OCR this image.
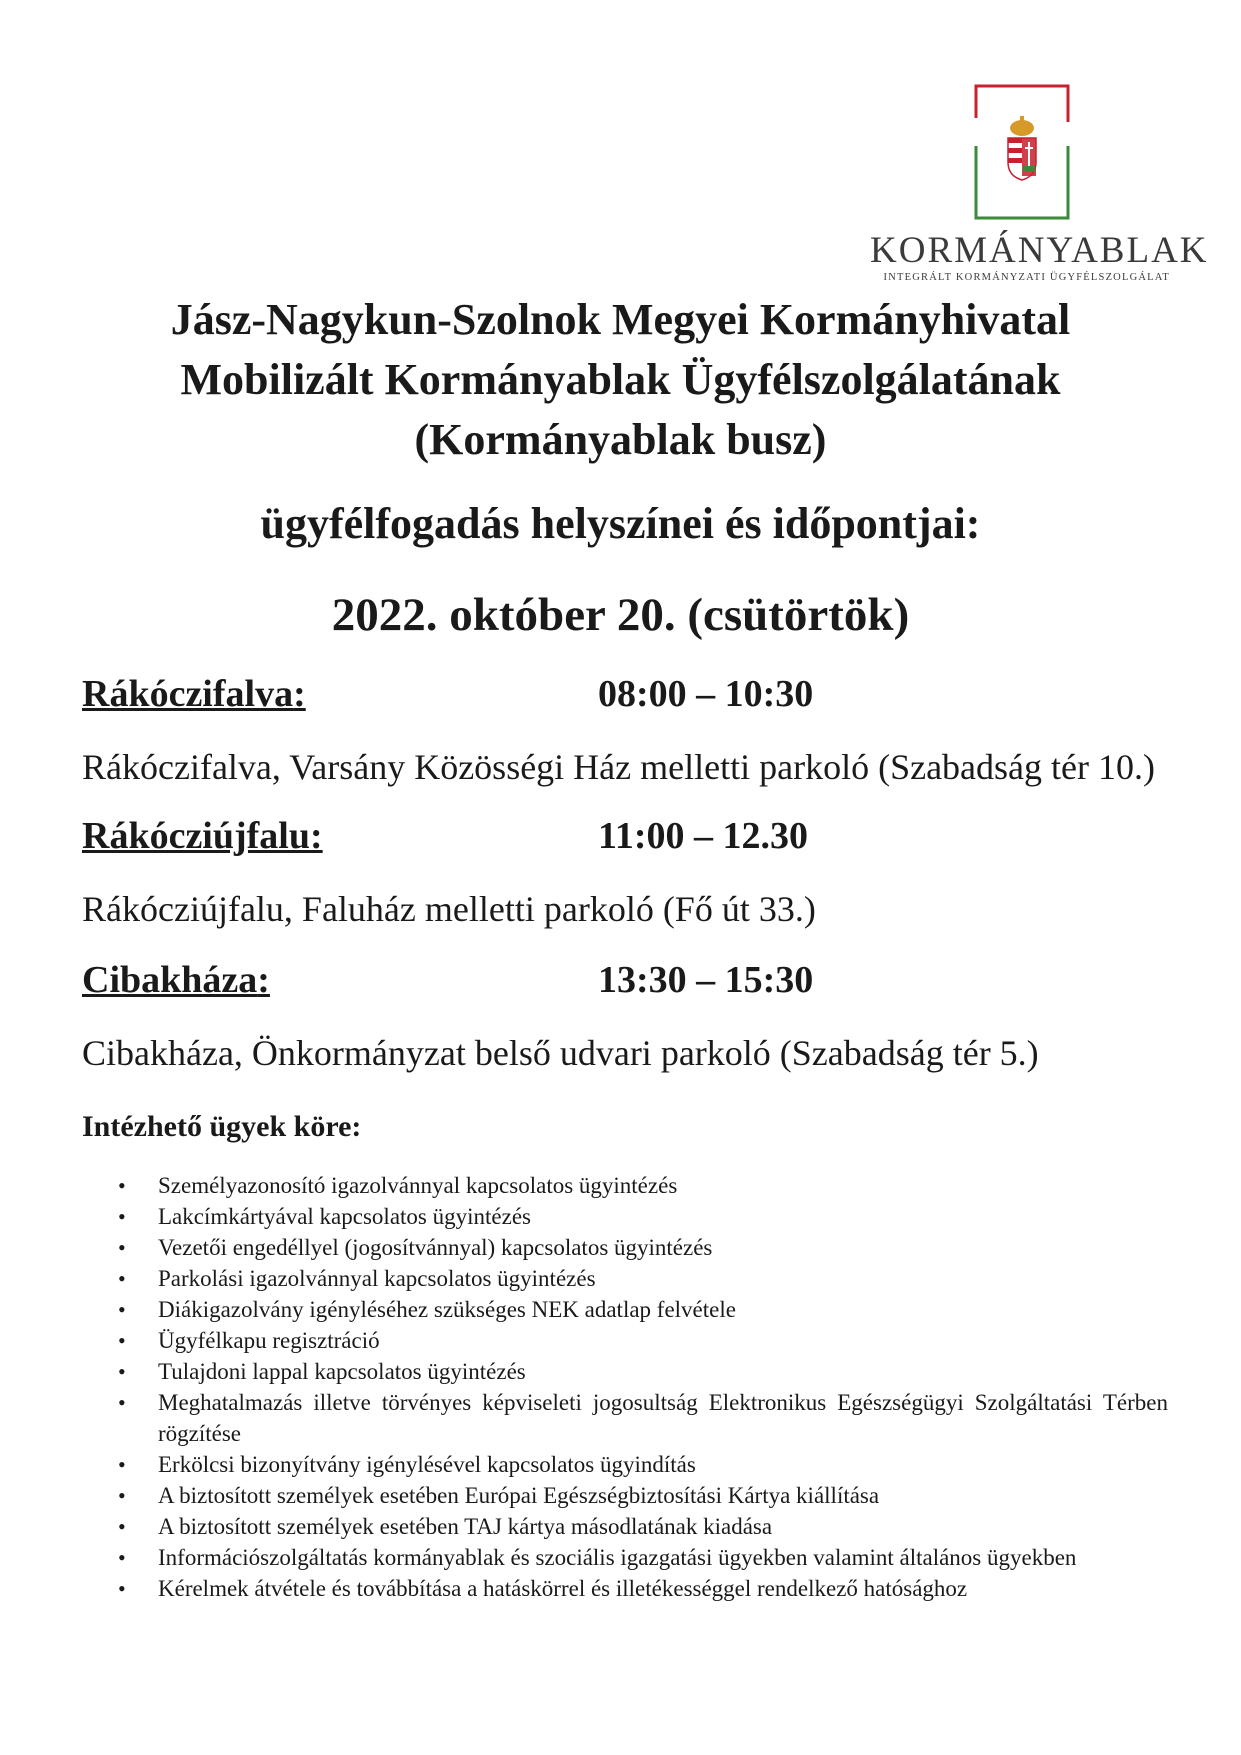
KORMÁNYABLAK
INTEGRÁLT KORMÁNYZATI ÜGYFÉLSZOLGÁLAT
Jász-Nagykun-Szolnok Megyei Kormányhivatal
Mobilizált Kormányablak Ügyfélszolgálatának
(Kormányablak busz)
ügyfélfogadás helyszínei és időpontjai:
2022. október 20. (csütörtök)
Rákóczifalva:	08:00 – 10:30
Rákóczifalva, Varsány Közösségi Ház melletti parkoló (Szabadság tér 10.)
Rákócziújfalu:	11:00 – 12.30
Rákócziújfalu, Faluház melletti parkoló (Fő út 33.)
Cibakháza:	13:30 – 15:30
Cibakháza, Önkormányzat belső udvari parkoló (Szabadság tér 5.)
Intézhető ügyek köre:
• Személyazonosító igazolvánnyal kapcsolatos ügyintézés
• Lakcímkártyával kapcsolatos ügyintézés
• Vezetői engedéllyel (jogosítvánnyal) kapcsolatos ügyintézés
• Parkolási igazolvánnyal kapcsolatos ügyintézés
• Diákigazolvány igényléséhez szükséges NEK adatlap felvétele
• Ügyfélkapu regisztráció
• Tulajdoni lappal kapcsolatos ügyintézés
• Meghatalmazás illetve törvényes képviseleti jogosultság Elektronikus Egészségügyi Szolgáltatási Térben rögzítése
• Erkölcsi bizonyítvány igénylésével kapcsolatos ügyindítás
• A biztosított személyek esetében Európai Egészségbiztosítási Kártya kiállítása
• A biztosított személyek esetében TAJ kártya másodlatának kiadása
• Információszolgáltatás kormányablak és szociális igazgatási ügyekben valamint általános ügyekben
• Kérelmek átvétele és továbbítása a hatáskörrel és illetékességgel rendelkező hatósághoz
